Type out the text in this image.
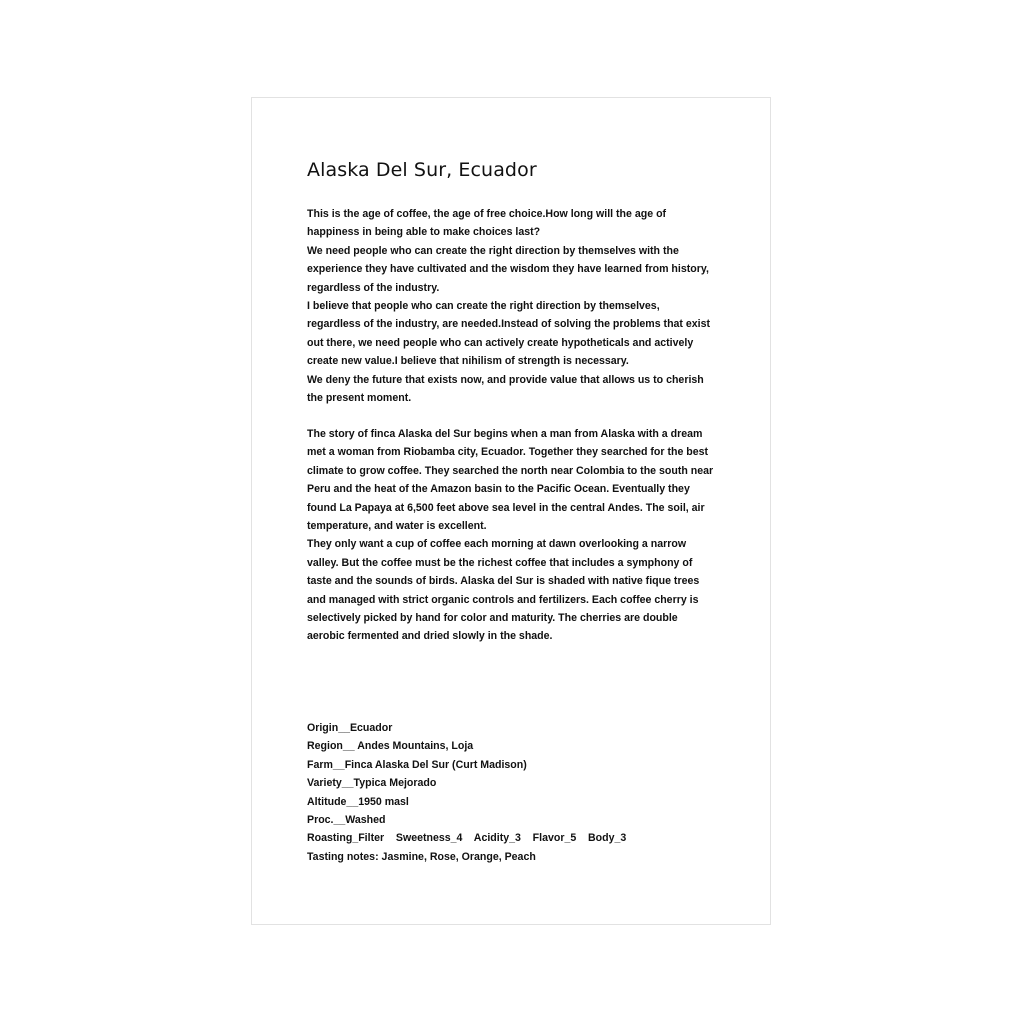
Alaska Del Sur, Ecuador
This is the age of coffee, the age of free choice.How long will the age of
happiness in being able to make choices last?
We need people who can create the right direction by themselves with the
experience they have cultivated and the wisdom they have learned from history,
regardless of the industry.
I believe that people who can create the right direction by themselves,
regardless of the industry, are needed.Instead of solving the problems that exist
out there, we need people who can actively create hypotheticals and actively
create new value.I believe that nihilism of strength is necessary.
We deny the future that exists now, and provide value that allows us to cherish
the present moment.
The story of finca Alaska del Sur begins when a man from Alaska with a dream
met a woman from Riobamba city, Ecuador. Together they searched for the best
climate to grow coffee. They searched the north near Colombia to the south near
Peru and the heat of the Amazon basin to the Pacific Ocean. Eventually they
found La Papaya at 6,500 feet above sea level in the central Andes. The soil, air
temperature, and water is excellent.
They only want a cup of coffee each morning at dawn overlooking a narrow
valley. But the coffee must be the richest coffee that includes a symphony of
taste and the sounds of birds. Alaska del Sur is shaded with native fique trees
and managed with strict organic controls and fertilizers. Each coffee cherry is
selectively picked by hand for color and maturity. The cherries are double
aerobic fermented and dried slowly in the shade.
Origin__Ecuador
Region__ Andes Mountains, Loja
Farm__Finca Alaska Del Sur (Curt Madison)
Variety__Typica Mejorado
Altitude__1950 masl
Proc.__Washed
Roasting_Filter    Sweetness_4    Acidity_3    Flavor_5    Body_3
Tasting notes: Jasmine, Rose, Orange, Peach
